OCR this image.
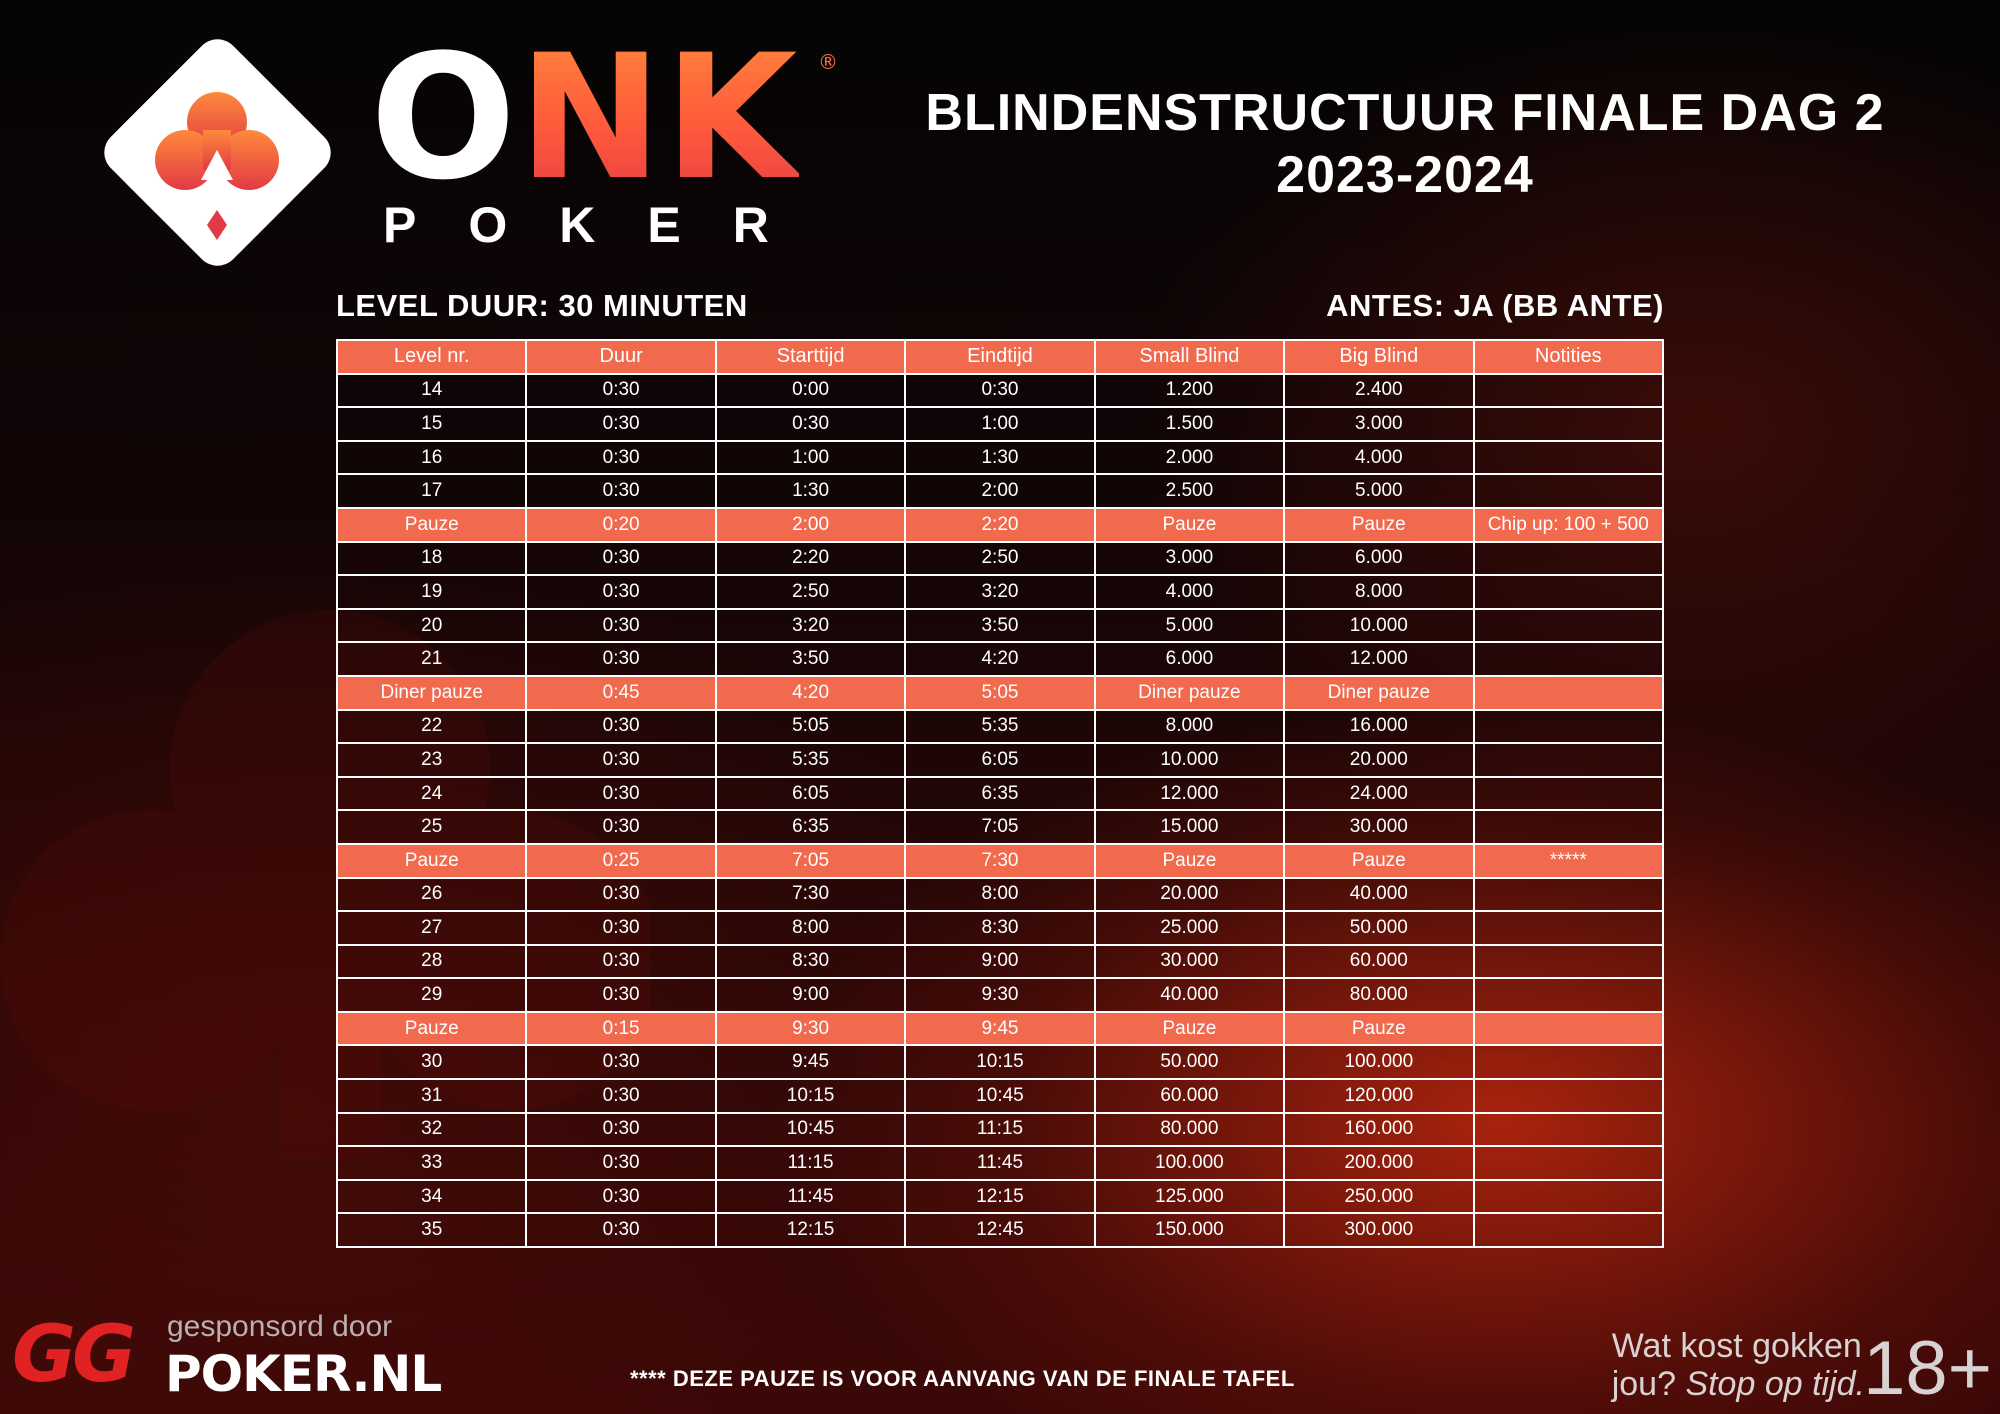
ONK ®
POKER
BLINDENSTRUCTUUR FINALE DAG 2
2023-2024
LEVEL DUUR: 30 MINUTEN	ANTES: JA (BB ANTE)
Level nr.	Duur	Starttijd	Eindtijd	Small Blind	Big Blind	Notities
14	0:30	0:00	0:30	1.200	2.400	
15	0:30	0:30	1:00	1.500	3.000	
16	0:30	1:00	1:30	2.000	4.000	
17	0:30	1:30	2:00	2.500	5.000	
Pauze	0:20	2:00	2:20	Pauze	Pauze	Chip up: 100 + 500
18	0:30	2:20	2:50	3.000	6.000	
19	0:30	2:50	3:20	4.000	8.000	
20	0:30	3:20	3:50	5.000	10.000	
21	0:30	3:50	4:20	6.000	12.000	
Diner pauze	0:45	4:20	5:05	Diner pauze	Diner pauze	
22	0:30	5:05	5:35	8.000	16.000	
23	0:30	5:35	6:05	10.000	20.000	
24	0:30	6:05	6:35	12.000	24.000	
25	0:30	6:35	7:05	15.000	30.000	
Pauze	0:25	7:05	7:30	Pauze	Pauze	*****
26	0:30	7:30	8:00	20.000	40.000	
27	0:30	8:00	8:30	25.000	50.000	
28	0:30	8:30	9:00	30.000	60.000	
29	0:30	9:00	9:30	40.000	80.000	
Pauze	0:15	9:30	9:45	Pauze	Pauze	
30	0:30	9:45	10:15	50.000	100.000	
31	0:30	10:15	10:45	60.000	120.000	
32	0:30	10:45	11:15	80.000	160.000	
33	0:30	11:15	11:45	100.000	200.000	
34	0:30	11:45	12:15	125.000	250.000	
35	0:30	12:15	12:45	150.000	300.000	
**** DEZE PAUZE IS VOOR AANVANG VAN DE FINALE TAFEL
gesponsord door
GG POKER.NL	Wat kost gokken
jou? Stop op tijd.
18+
